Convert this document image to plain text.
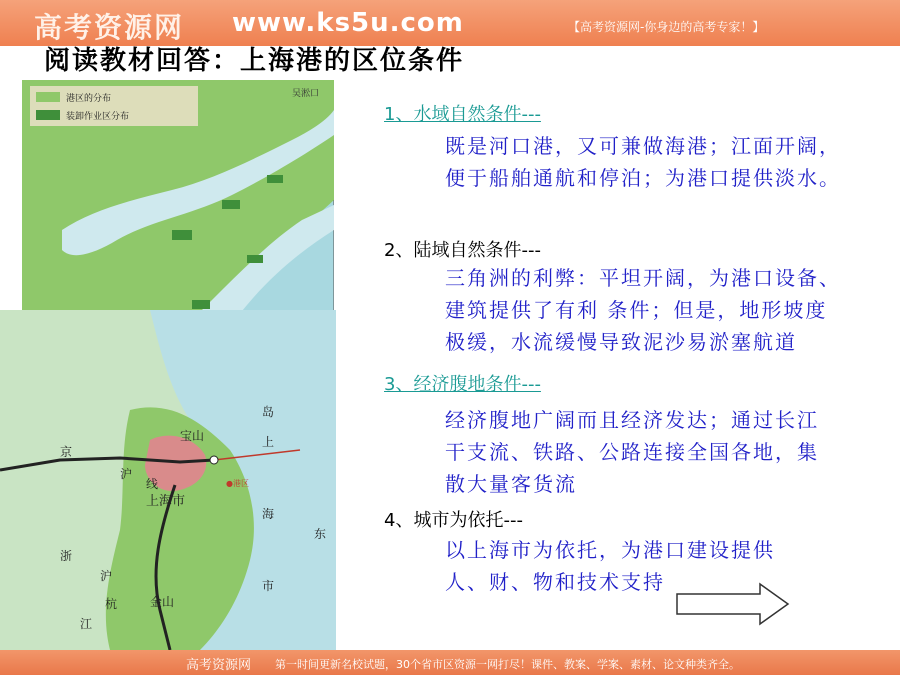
高考资源网 www.ks5u.com	【高考资源网-你身边的高考专家！】
阅读教材回答：上海港的区位条件
港区的分布
装卸作业区分布
吴淞口
宝山
京
沪
线
上海市
●港区
浙
沪
杭
江
金山
岛
上
海
东
市
1、水域自然条件---
既是河口港，又可兼做海港；江面开阔，
便于船舶通航和停泊；为港口提供淡水。
2、陆域自然条件---
三角洲的利弊：平坦开阔，为港口设备、
建筑提供了有利 条件；但是，地形坡度
极缓，水流缓慢导致泥沙易淤塞航道
3、经济腹地条件---
经济腹地广阔而且经济发达；通过长江
干支流、铁路、公路连接全国各地，集
散大量客货流
4、城市为依托---
以上海市为依托，为港口建设提供
人、财、物和技术支持
高考资源网 第一时间更新名校试题，30个省市区资源一网打尽！课件、教案、学案、素材、论文种类齐全。
